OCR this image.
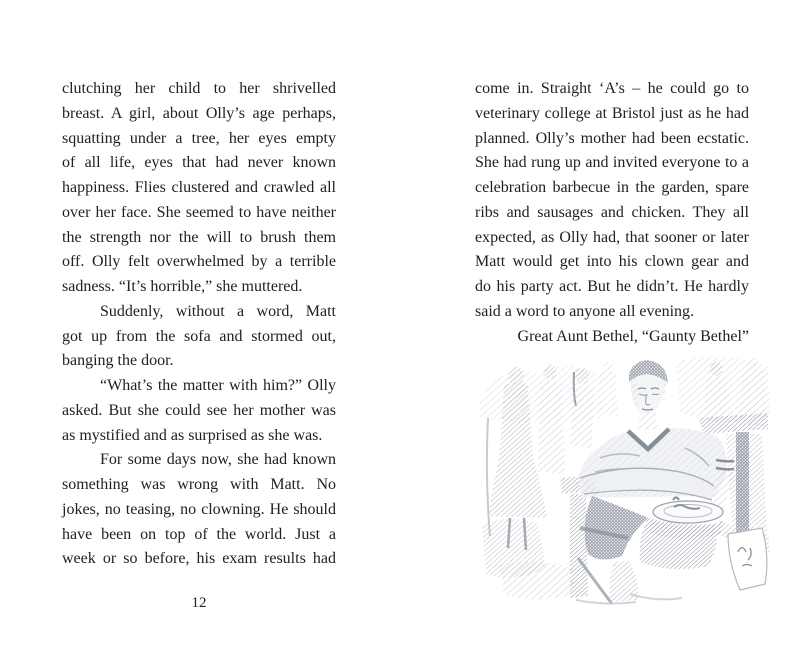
clutching her child to her shrivelled
breast. A girl, about Olly’s age perhaps,
squatting under a tree, her eyes empty
of all life, eyes that had never known
happiness. Flies clustered and crawled all
over her face. She seemed to have neither
the strength nor the will to brush them
off. Olly felt overwhelmed by a terrible
sadness. “It’s horrible,” she muttered.
Suddenly, without a word, Matt
got up from the sofa and stormed out,
banging the door.
“What’s the matter with him?” Olly
asked. But she could see her mother was
as mystified and as surprised as she was.
For some days now, she had known
something was wrong with Matt. No
jokes, no teasing, no clowning. He should
have been on top of the world. Just a
week or so before, his exam results had
12
come in. Straight ‘A’s – he could go to
veterinary college at Bristol just as he had
planned. Olly’s mother had been ecstatic.
She had rung up and invited everyone to a
celebration barbecue in the garden, spare
ribs and sausages and chicken. They all
expected, as Olly had, that sooner or later
Matt would get into his clown gear and
do his party act. But he didn’t. He hardly
said a word to anyone all evening.
Great Aunt Bethel, “Gaunty Bethel”
